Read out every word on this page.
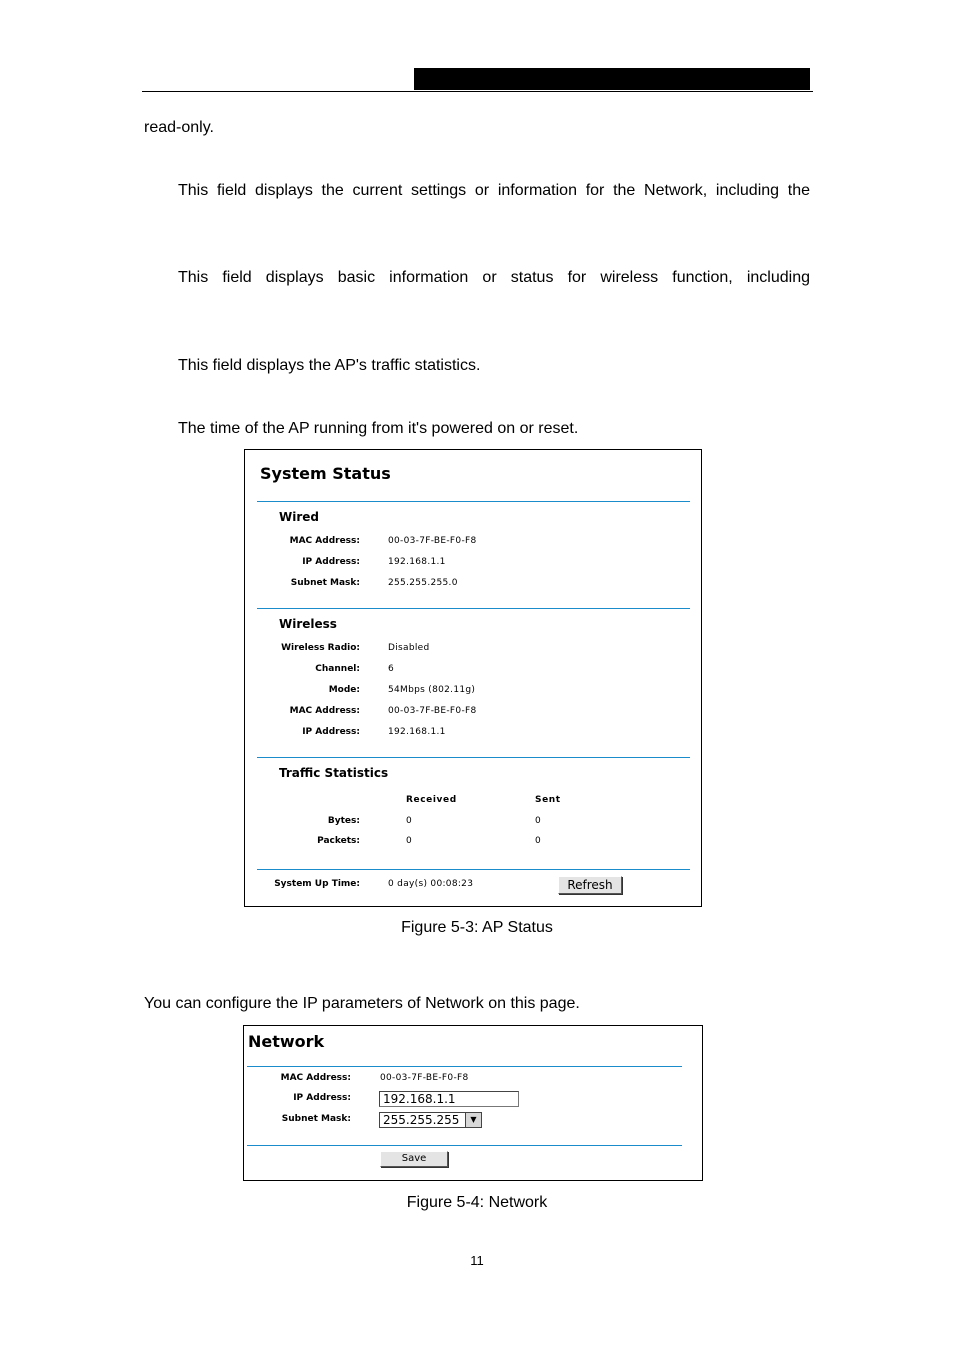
read-only.
This field displays the current settings or information for the Network, including the
This field displays basic information or status for wireless function, including
This field displays the AP's traffic statistics.
The time of the AP running from it's powered on or reset.
System Status
Wired
MAC Address:	00-03-7F-BE-F0-F8
IP Address:	192.168.1.1
Subnet Mask:	255.255.255.0
Wireless
Wireless Radio:	Disabled
Channel:	6
Mode:	54Mbps (802.11g)
MAC Address:	00-03-7F-BE-F0-F8
IP Address:	192.168.1.1
Traffic Statistics
Received	Sent
Bytes:	0	0
Packets:	0	0
System Up Time:	0 day(s) 00:08:23	Refresh
Figure 5-3: AP Status
You can configure the IP parameters of Network on this page.
Network
MAC Address:	00-03-7F-BE-F0-F8
IP Address:	192.168.1.1
Subnet Mask:	255.255.255	▼
Save
Figure 5-4: Network
11
